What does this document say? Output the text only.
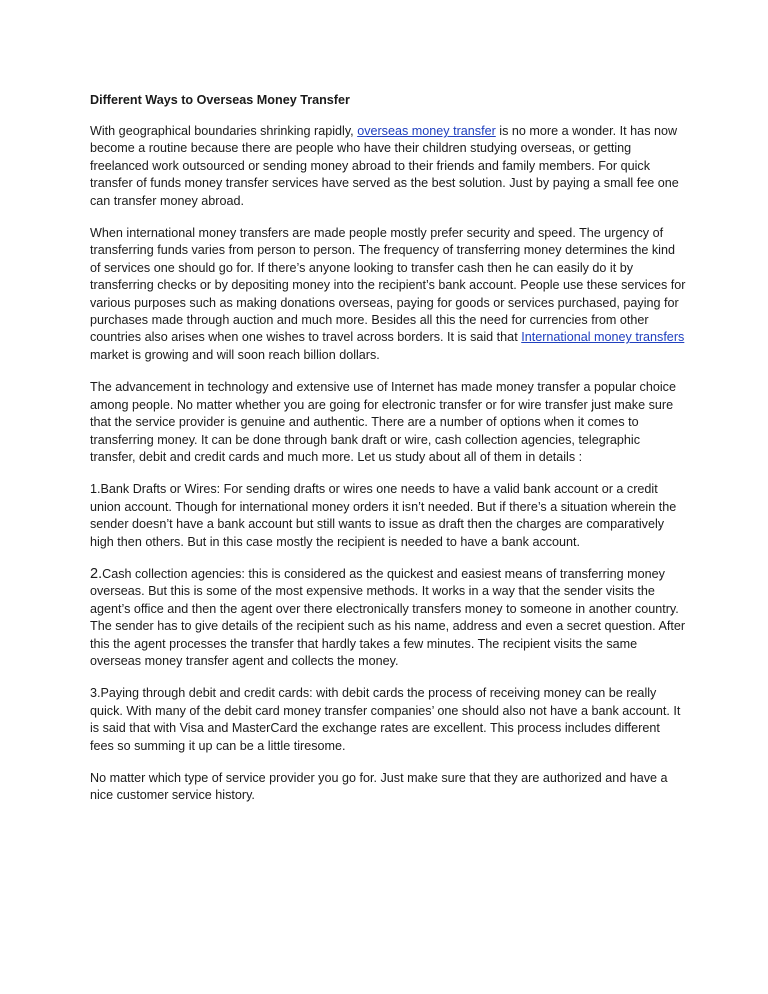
Different Ways to Overseas Money Transfer

With geographical boundaries shrinking rapidly, overseas money transfer is no more a wonder. It has now become a routine because there are people who have their children studying overseas, or getting freelanced work outsourced or sending money abroad to their friends and family members. For quick transfer of funds money transfer services have served as the best solution. Just by paying a small fee one can transfer money abroad.

When international money transfers are made people mostly prefer security and speed. The urgency of transferring funds varies from person to person. The frequency of transferring money determines the kind of services one should go for. If there’s anyone looking to transfer cash then he can easily do it by transferring checks or by depositing money into the recipient’s bank account. People use these services for various purposes such as making donations overseas, paying for goods or services purchased, paying for purchases made through auction and much more. Besides all this the need for currencies from other countries also arises when one wishes to travel across borders. It is said that International money transfers market is growing and will soon reach billion dollars.

The advancement in technology and extensive use of Internet has made money transfer a popular choice among people. No matter whether you are going for electronic transfer or for wire transfer just make sure that the service provider is genuine and authentic. There are a number of options when it comes to transferring money. It can be done through bank draft or wire, cash collection agencies, telegraphic transfer, debit and credit cards and much more. Let us study about all of them in details :

1.Bank Drafts or Wires: For sending drafts or wires one needs to have a valid bank account or a credit union account. Though for international money orders it isn’t needed. But if there’s a situation wherein the sender doesn’t have a bank account but still wants to issue as draft then the charges are comparatively high then others. But in this case mostly the recipient is needed to have a bank account.

2.Cash collection agencies: this is considered as the quickest and easiest means of transferring money overseas. But this is some of the most expensive methods. It works in a way that the sender visits the agent’s office and then the agent over there electronically transfers money to someone in another country. The sender has to give details of the recipient such as his name, address and even a secret question. After this the agent processes the transfer that hardly takes a few minutes. The recipient visits the same overseas money transfer agent and collects the money.

3.Paying through debit and credit cards: with debit cards the process of receiving money can be really quick. With many of the debit card money transfer companies’ one should also not have a bank account. It is said that with Visa and MasterCard the exchange rates are excellent. This process includes different fees so summing it up can be a little tiresome.

No matter which type of service provider you go for. Just make sure that they are authorized and have a nice customer service history.
